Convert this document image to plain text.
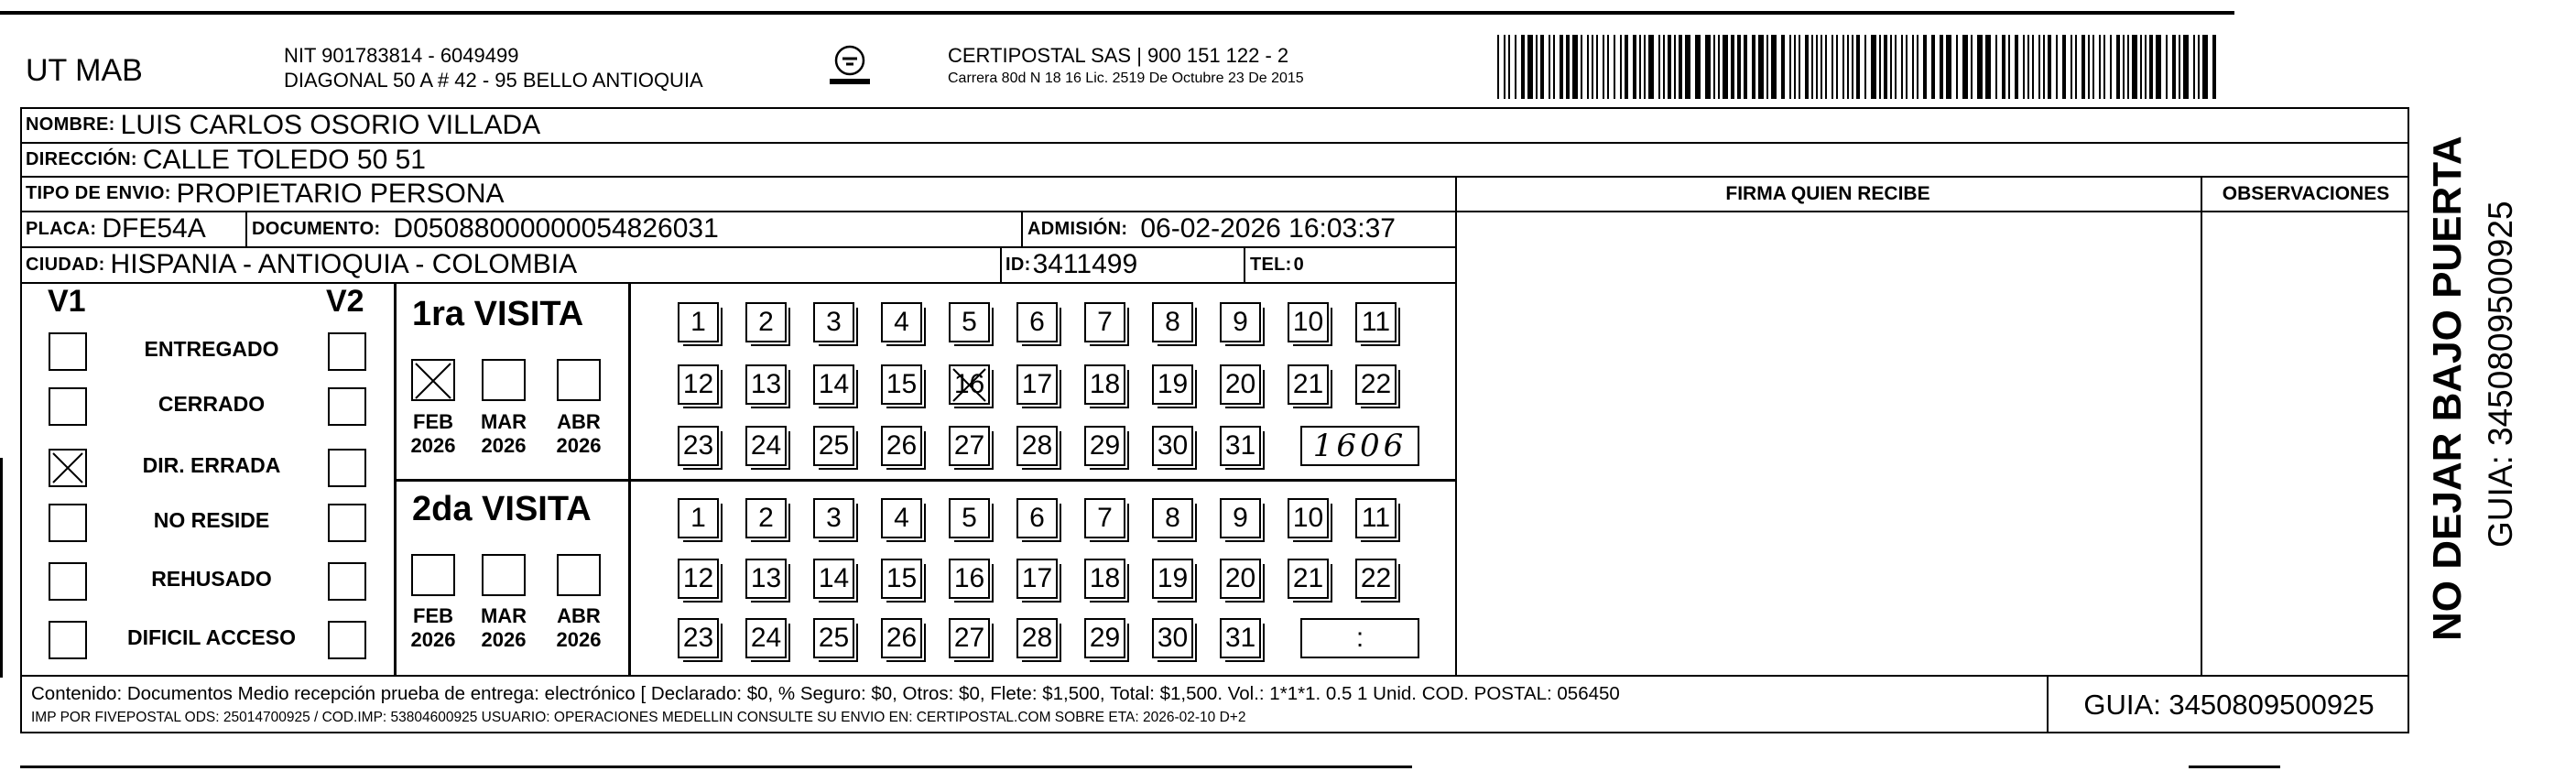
UT MAB	NIT 901783814 - 6049499
DIAGONAL 50 A # 42 - 95 BELLO ANTIOQUIA
CERTIPOSTAL SAS | 900 151 122 - 2
Carrera 80d N 18 16 Lic. 2519 De Octubre 23 De 2015
NOMBRE: LUIS CARLOS OSORIO VILLADA
DIRECCIÓN: CALLE TOLEDO 50 51
TIPO DE ENVIO: PROPIETARIO PERSONA	FIRMA QUIEN RECIBE	OBSERVACIONES
PLACA: DFE54A	DOCUMENTO: D05088000000054826031	ADMISIÓN: 06-02-2026 16:03:37
CIUDAD: HISPANIA - ANTIOQUIA - COLOMBIA	ID: 3411499	TEL: 0
V1	V2
ENTREGADO
CERRADO
DIR. ERRADA
NO RESIDE
REHUSADO
DIFICIL ACCESO
1ra VISITA
FEB
2026
MAR
2026
ABR
2026
1	2	3	4	5	6	7	8	9	10 11
12 13 14 15 16 17 18 19 20 21 22
23 24 25 26 27 28 29 30 31	1606
2da VISITA
FEB
2026
MAR
2026
ABR
2026
1	2	3	4	5	6	7	8	9	10 11
12 13 14 15 16 17 18 19 20 21 22
23 24 25 26 27 28 29 30 31	:
Contenido: Documentos Medio recepción prueba de entrega: electrónico [ Declarado: $0, % Seguro: $0, Otros: $0, Flete: $1,500, Total: $1,500. Vol.: 1*1*1. 0.5 1 Unid. COD. POSTAL: 056450
IMP POR FIVEPOSTAL ODS: 25014700925 / COD.IMP: 53804600925 USUARIO: OPERACIONES MEDELLIN CONSULTE SU ENVIO EN: CERTIPOSTAL.COM SOBRE ETA: 2026-02-10 D+2	GUIA: 3450809500925
NO DEJAR BAJO PUERTA GUIA: 3450809500925
